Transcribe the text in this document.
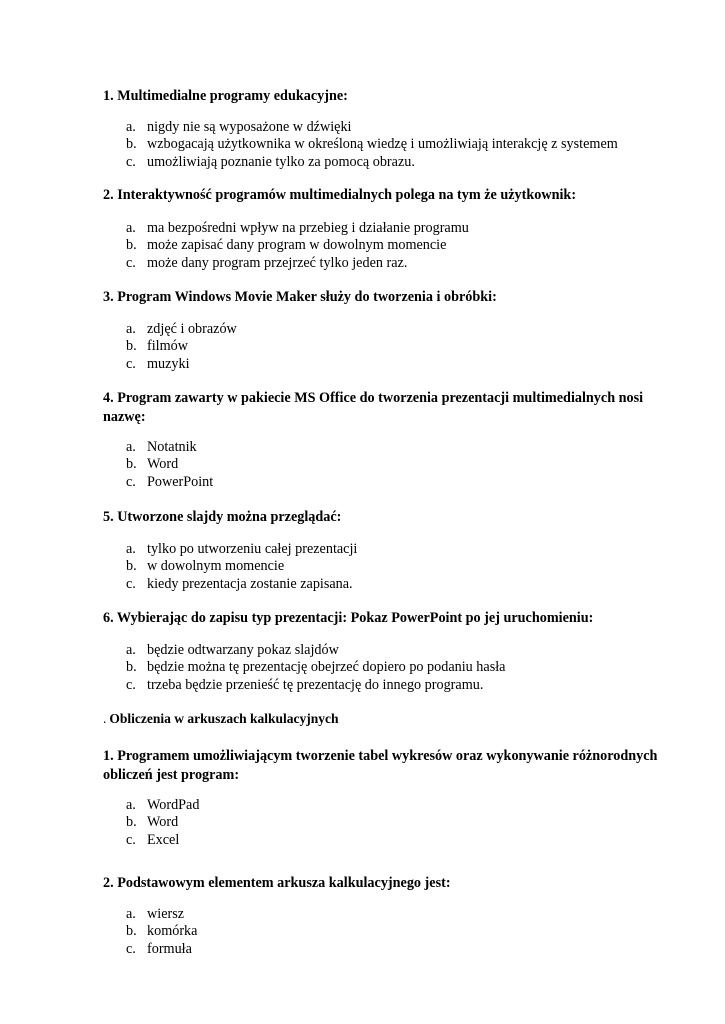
1. Multimedialne programy edukacyjne:

a. nigdy nie są wyposażone w dźwięki
b. wzbogacają użytkownika w określoną wiedzę i umożliwiają interakcję z systemem
c. umożliwiają poznanie tylko za pomocą obrazu.

2. Interaktywność programów multimedialnych polega na tym że użytkownik:

a. ma bezpośredni wpływ na przebieg i działanie programu
b. może zapisać dany program w dowolnym momencie
c. może dany program przejrzeć tylko jeden raz.

3. Program Windows Movie Maker służy do tworzenia i obróbki:

a. zdjęć i obrazów
b. filmów
c. muzyki

4. Program zawarty w pakiecie MS Office do tworzenia prezentacji multimedialnych nosi nazwę:

a. Notatnik
b. Word
c. PowerPoint

5. Utworzone slajdy można przeglądać:

a. tylko po utworzeniu całej prezentacji
b. w dowolnym momencie
c. kiedy prezentacja zostanie zapisana.

6. Wybierając do zapisu typ prezentacji: Pokaz PowerPoint po jej uruchomieniu:

a. będzie odtwarzany pokaz slajdów
b. będzie można tę prezentację obejrzeć dopiero po podaniu hasła
c. trzeba będzie przenieść tę prezentację do innego programu.

. Obliczenia w arkuszach kalkulacyjnych

1. Programem umożliwiającym tworzenie tabel wykresów oraz wykonywanie różnorodnych obliczeń jest program:

a. WordPad
b. Word
c. Excel

2. Podstawowym elementem arkusza kalkulacyjnego jest:

a. wiersz
b. komórka
c. formuła
